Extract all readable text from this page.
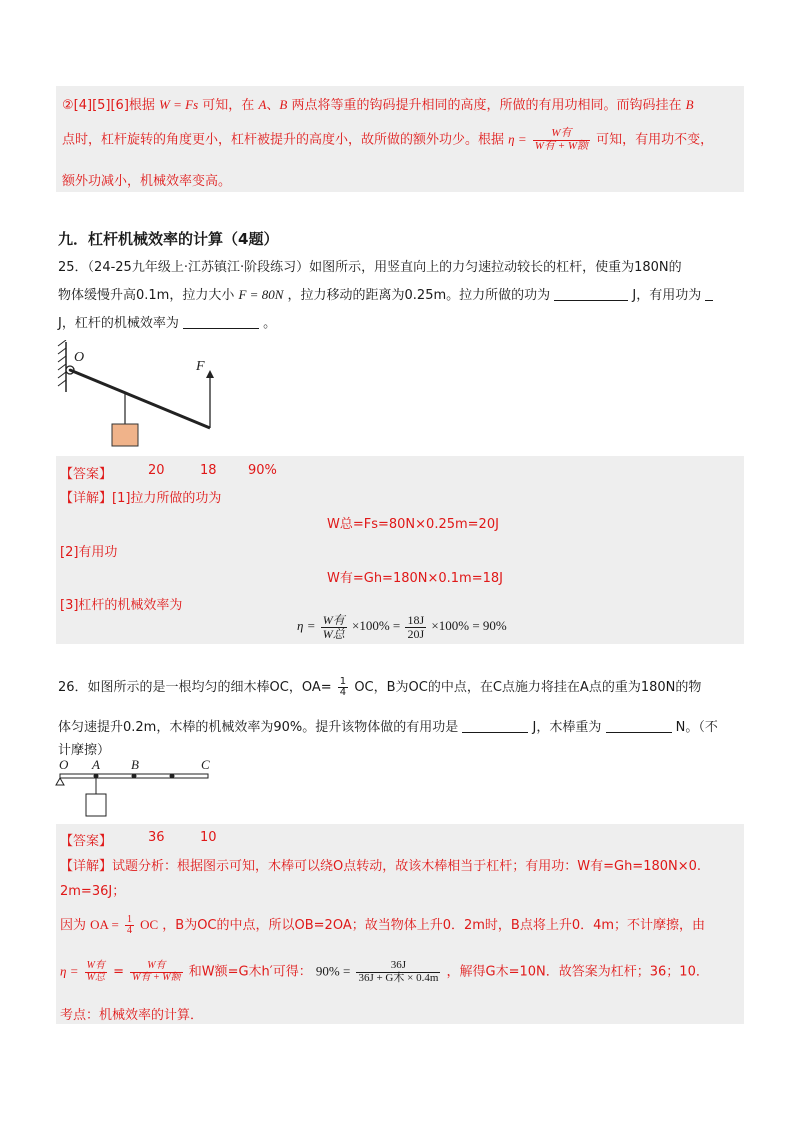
②[4][5][6]根据 W = Fs 可知，在 A、B 两点将等重的钩码提升相同的高度，所做的有用功相同。而钩码挂在 B
点时，杠杆旋转的角度更小，杠杆被提升的高度小，故所做的额外功少。根据 $\eta = \frac{\text{W有}}{\text{W有 + W额}}$ 可知，有用功不变，
额外功减小，机械效率变高。
九．杠杆机械效率的计算（4题）
25．（24-25九年级上·江苏镇江·阶段练习）如图所示，用竖直向上的力匀速拉动较长的杠杆，使重为180N的
物体缓慢升高0.1m，拉力大小 F = 80N ，拉力移动的距离为0.25m。拉力所做的功为	J，有用功为
J，杠杆的机械效率为	。
O
F
【答案】	20	18 90%
【详解】[1]拉力所做的功为
W总=Fs=80N×0.25m=20J
[2]有用功
W有=Gh=180N×0.1m=18J
[3]杠杆的机械效率为
$\eta = \frac{\text{W有}}{\text{W总}} \times 100\% = \frac{18J}{20J} \times 100\% = 90\%$
26．如图所示的是一根均匀的细木棒OC，$OA= \frac{1}{4}$ OC，B为OC的中点，在C点施力将挂在A点的重为180N的物
体匀速提升0.2m，木棒的机械效率为90%。提升该物体做的有用功是	J，木棒重为	N。（不
计摩擦）
O A B	C
【答案】	36	10
【详解】试题分析：根据图示可知，木棒可以绕O点转动，故该木棒相当于杠杆；有用功：W有=Gh=180N×0.
2m=36J；
因为 OA = $\frac{1}{4}$ OC ，B为OC的中点，所以OB=2OA；故当物体上升0．2m时，B点将上升0．4m；不计摩擦，由
$\eta = \frac{\text{W有}}{\text{W总}} = \frac{\text{W有}}{\text{W有 + W额}}$ 和W额=G木h′可得： $90\% = \frac{36J}{\text{36J + G木 × 0.4m}}$ ，解得G木=10N．故答案为杠杆；36；10．
考点：机械效率的计算．
